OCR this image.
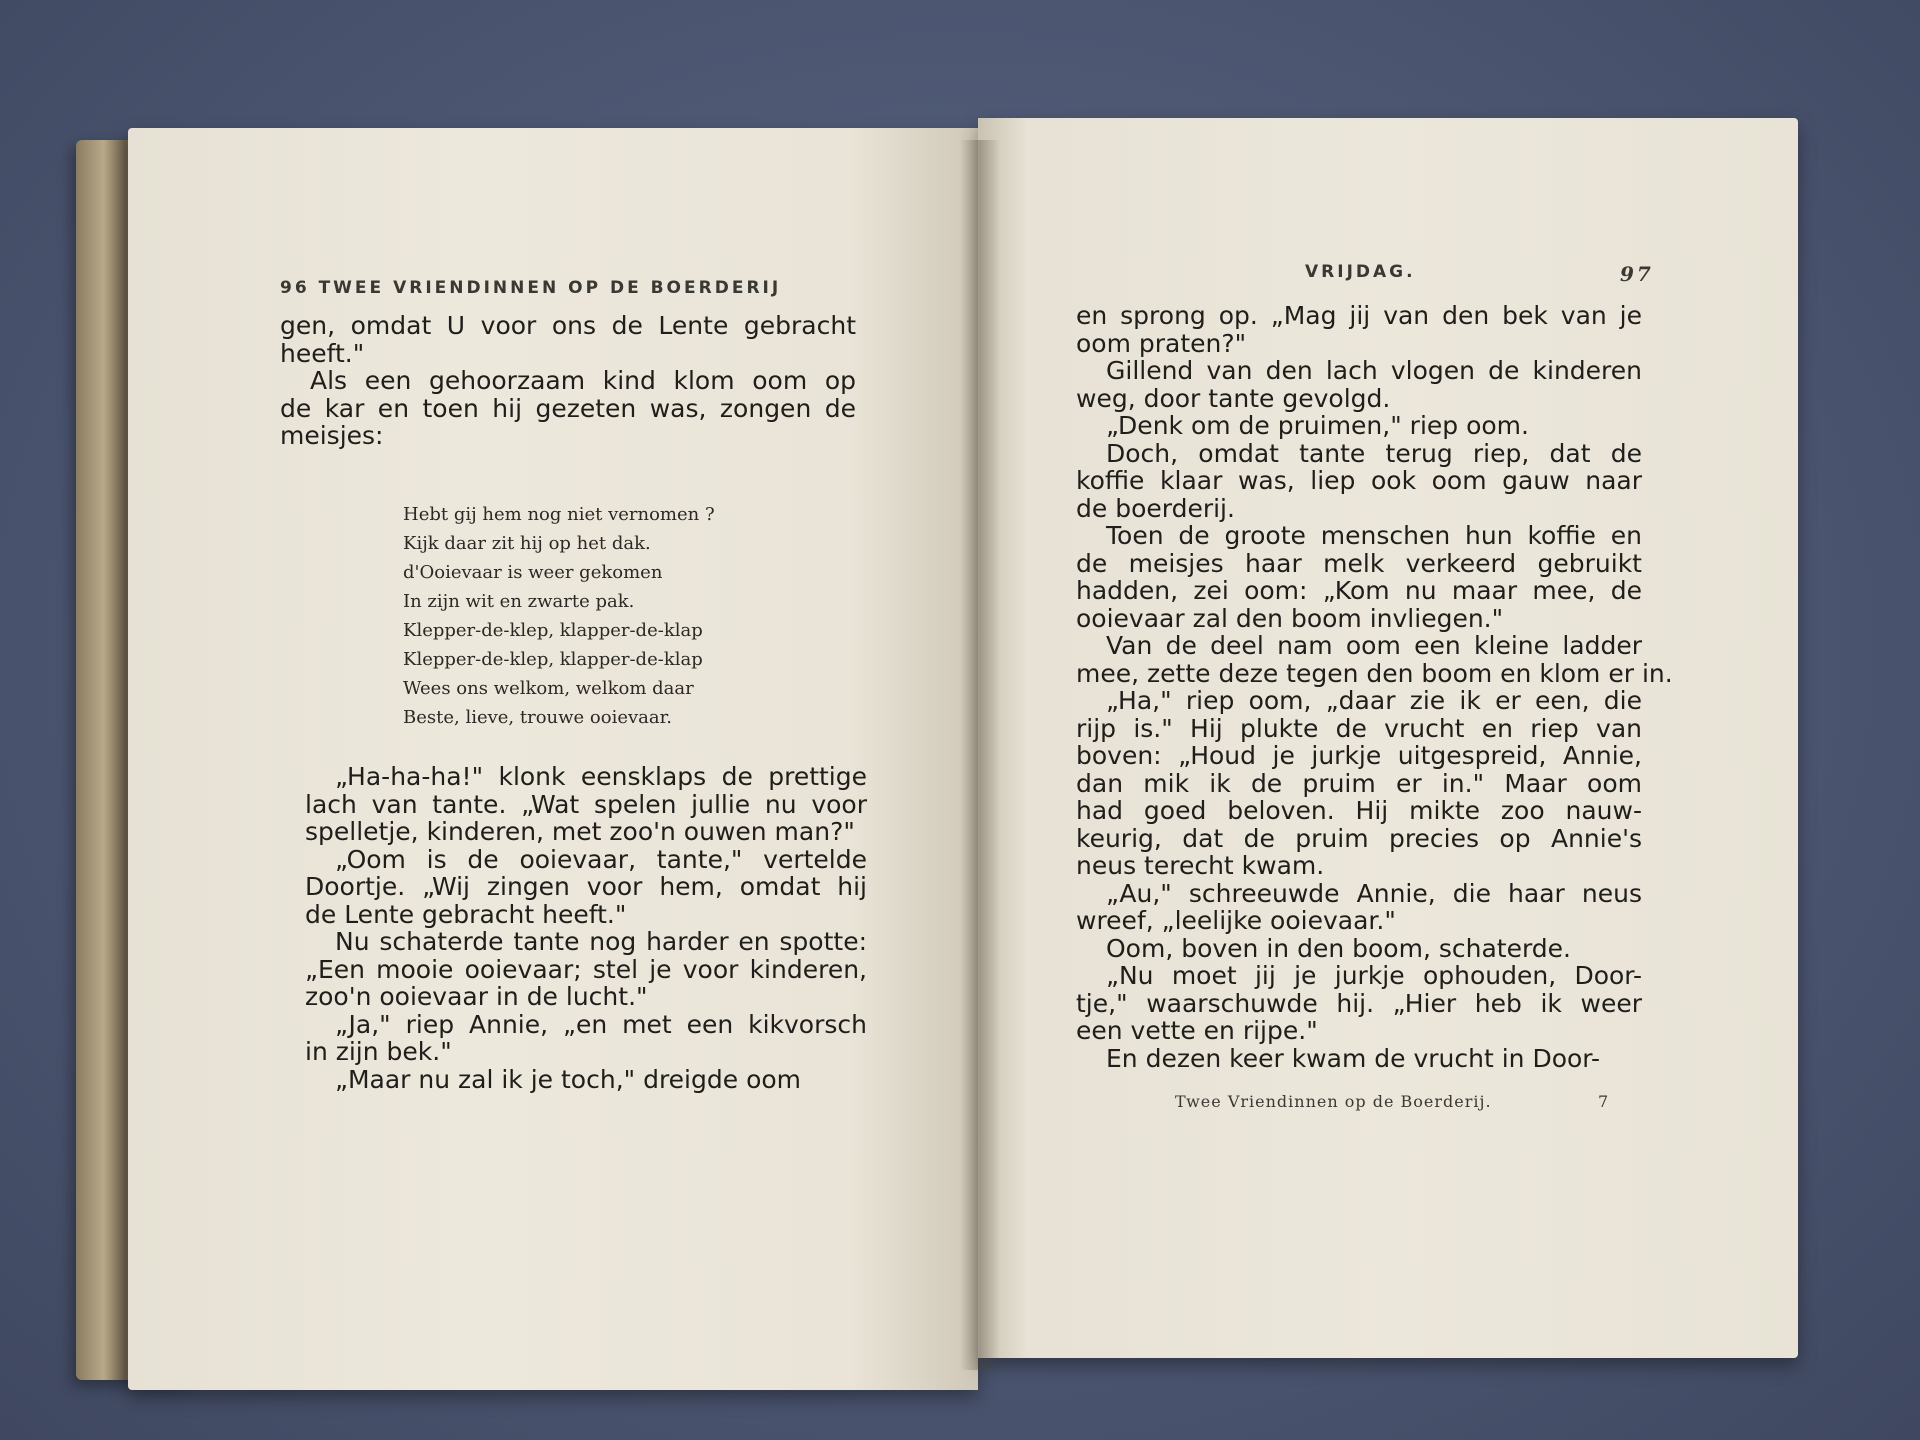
96 TWEE VRIENDINNEN OP DE BOERDERIJ
gen, omdat U voor ons de Lente gebracht
heeft."
Als een gehoorzaam kind klom oom op
de kar en toen hij gezeten was, zongen de
meisjes:
Hebt gij hem nog niet vernomen ?
Kijk daar zit hij op het dak.
d'Ooievaar is weer gekomen
In zijn wit en zwarte pak.
Klepper-de-klep, klapper-de-klap
Klepper-de-klep, klapper-de-klap
Wees ons welkom, welkom daar
Beste, lieve, trouwe ooievaar.
„Ha-ha-ha!" klonk eensklaps de prettige
lach van tante. „Wat spelen jullie nu voor
spelletje, kinderen, met zoo'n ouwen man?"
„Oom is de ooievaar, tante," vertelde
Doortje. „Wij zingen voor hem, omdat hij
de Lente gebracht heeft."
Nu schaterde tante nog harder en spotte:
„Een mooie ooievaar; stel je voor kinderen,
zoo'n ooievaar in de lucht."
„Ja," riep Annie, „en met een kikvorsch
in zijn bek."
„Maar nu zal ik je toch," dreigde oom
VRIJDAG.	97
en sprong op. „Mag jij van den bek van je
oom praten?"
Gillend van den lach vlogen de kinderen
weg, door tante gevolgd.
„Denk om de pruimen," riep oom.
Doch, omdat tante terug riep, dat de
koffie klaar was, liep ook oom gauw naar
de boerderij.
Toen de groote menschen hun koffie en
de meisjes haar melk verkeerd gebruikt
hadden, zei oom: „Kom nu maar mee, de
ooievaar zal den boom invliegen."
Van de deel nam oom een kleine ladder
mee, zette deze tegen den boom en klom er in.
„Ha," riep oom, „daar zie ik er een, die
rijp is." Hij plukte de vrucht en riep van
boven: „Houd je jurkje uitgespreid, Annie,
dan mik ik de pruim er in." Maar oom
had goed beloven. Hij mikte zoo nauw-
keurig, dat de pruim precies op Annie's
neus terecht kwam.
„Au," schreeuwde Annie, die haar neus
wreef, „leelijke ooievaar."
Oom, boven in den boom, schaterde.
„Nu moet jij je jurkje ophouden, Door-
tje," waarschuwde hij. „Hier heb ik weer
een vette en rijpe."
En dezen keer kwam de vrucht in Door-
Twee Vriendinnen op de Boerderij.	7
